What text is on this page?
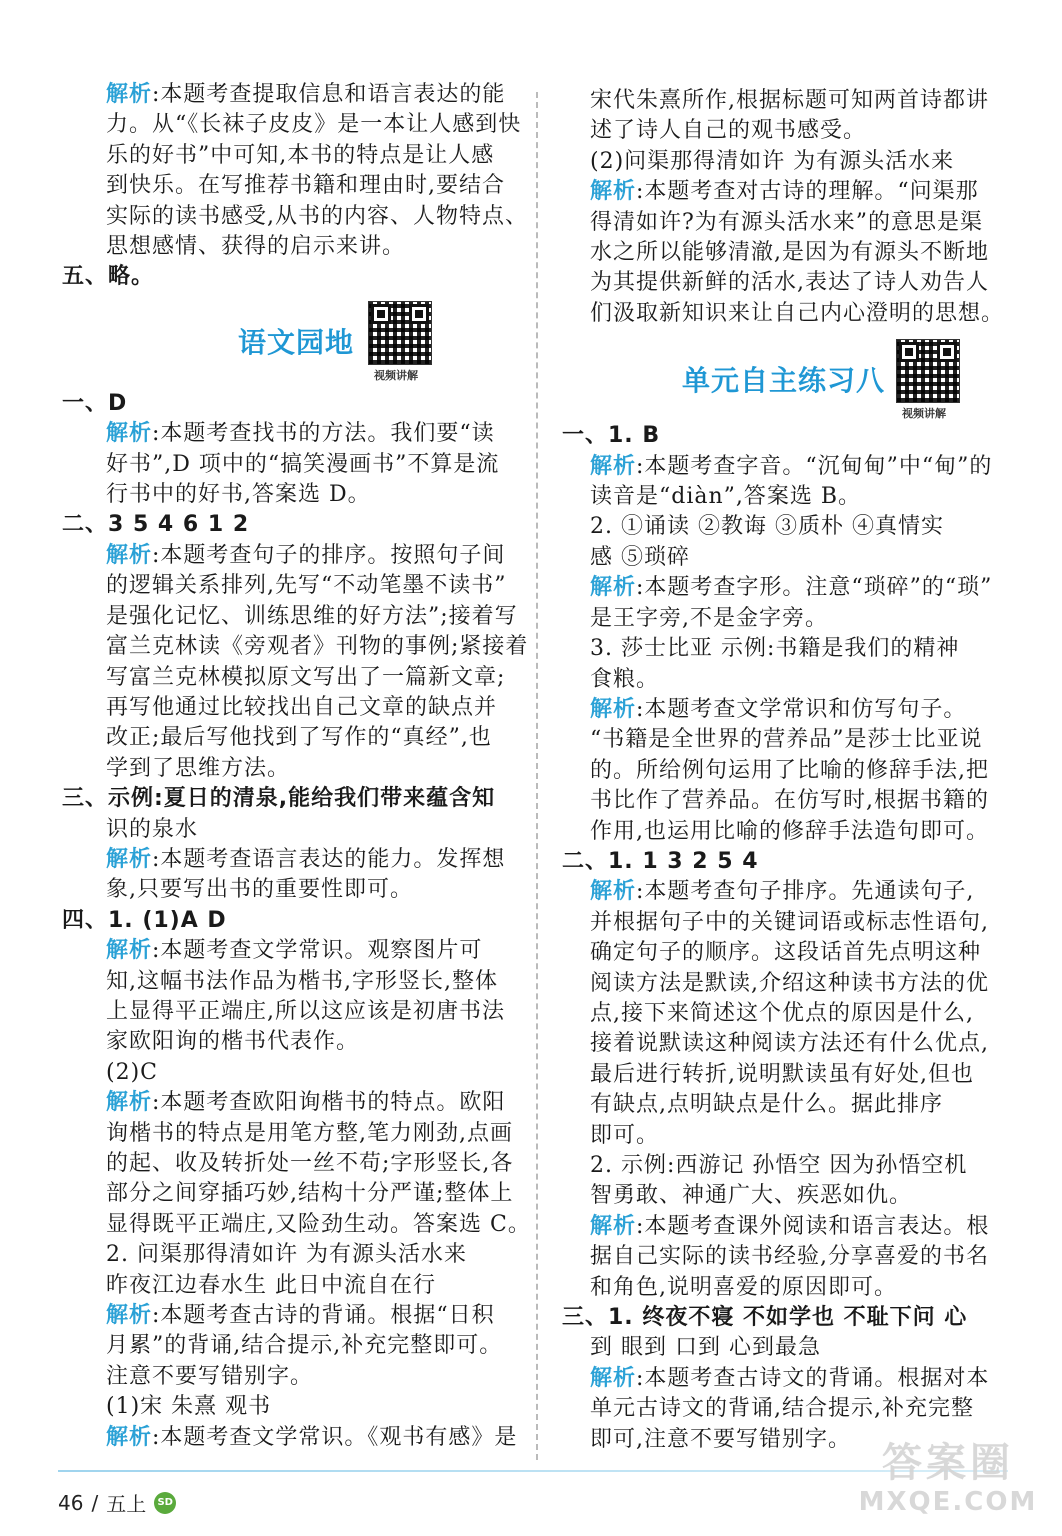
解析:本题考查提取信息和语言表达的能
力。从“《长袜子皮皮》是一本让人感到快
乐的好书”中可知,本书的特点是让人感
到快乐。在写推荐书籍和理由时,要结合
实际的读书感受,从书的内容、人物特点、
思想感情、获得的启示来讲。
五、略。
语文园地
视频讲解
一、D
解析:本题考查找书的方法。我们要“读
好书”,D 项中的“搞笑漫画书”不算是流
行书中的好书,答案选 D。
二、3 5 4 6 1 2
解析:本题考查句子的排序。按照句子间
的逻辑关系排列,先写“不动笔墨不读书”
是强化记忆、训练思维的好方法”;接着写
富兰克林读《旁观者》刊物的事例;紧接着
写富兰克林模拟原文写出了一篇新文章;
再写他通过比较找出自己文章的缺点并
改正;最后写他找到了写作的“真经”,也
学到了思维方法。
三、示例:夏日的清泉,能给我们带来蕴含知
识的泉水
解析:本题考查语言表达的能力。发挥想
象,只要写出书的重要性即可。
四、1. (1)A D
解析:本题考查文学常识。观察图片可
知,这幅书法作品为楷书,字形竖长,整体
上显得平正端庄,所以这应该是初唐书法
家欧阳询的楷书代表作。
(2)C
解析:本题考查欧阳询楷书的特点。欧阳
询楷书的特点是用笔方整,笔力刚劲,点画
的起、收及转折处一丝不苟;字形竖长,各
部分之间穿插巧妙,结构十分严谨;整体上
显得既平正端庄,又险劲生动。答案选 C。
2. 问渠那得清如许 为有源头活水来
昨夜江边春水生 此日中流自在行
解析:本题考查古诗的背诵。根据“日积
月累”的背诵,结合提示,补充完整即可。
注意不要写错别字。
(1)宋 朱熹 观书
解析:本题考查文学常识。《观书有感》是
宋代朱熹所作,根据标题可知两首诗都讲
述了诗人自己的观书感受。
(2)问渠那得清如许 为有源头活水来
解析:本题考查对古诗的理解。“问渠那
得清如许?为有源头活水来”的意思是渠
水之所以能够清澈,是因为有源头不断地
为其提供新鲜的活水,表达了诗人劝告人
们汲取新知识来让自己内心澄明的思想。
单元自主练习八
视频讲解
一、1. B
解析:本题考查字音。“沉甸甸”中“甸”的
读音是“diàn”,答案选 B。
2. ①诵读 ②教诲 ③质朴 ④真情实
感 ⑤琐碎
解析:本题考查字形。注意“琐碎”的“琐”
是王字旁,不是金字旁。
3. 莎士比亚 示例:书籍是我们的精神
食粮。
解析:本题考查文学常识和仿写句子。
“书籍是全世界的营养品”是莎士比亚说
的。所给例句运用了比喻的修辞手法,把
书比作了营养品。在仿写时,根据书籍的
作用,也运用比喻的修辞手法造句即可。
二、1. 1 3 2 5 4
解析:本题考查句子排序。先通读句子,
并根据句子中的关键词语或标志性语句,
确定句子的顺序。这段话首先点明这种
阅读方法是默读,介绍这种读书方法的优
点,接下来简述这个优点的原因是什么,
接着说默读这种阅读方法还有什么优点,
最后进行转折,说明默读虽有好处,但也
有缺点,点明缺点是什么。据此排序
即可。
2. 示例:西游记 孙悟空 因为孙悟空机
智勇敢、神通广大、疾恶如仇。
解析:本题考查课外阅读和语言表达。根
据自己实际的读书经验,分享喜爱的书名
和角色,说明喜爱的原因即可。
三、1. 终夜不寝 不如学也 不耻下问 心
到 眼到 口到 心到最急
解析:本题考查古诗文的背诵。根据对本
单元古诗文的背诵,结合提示,补充完整
即可,注意不要写错别字。
46 / 五上	SD
答案圈
MXQE.COM
